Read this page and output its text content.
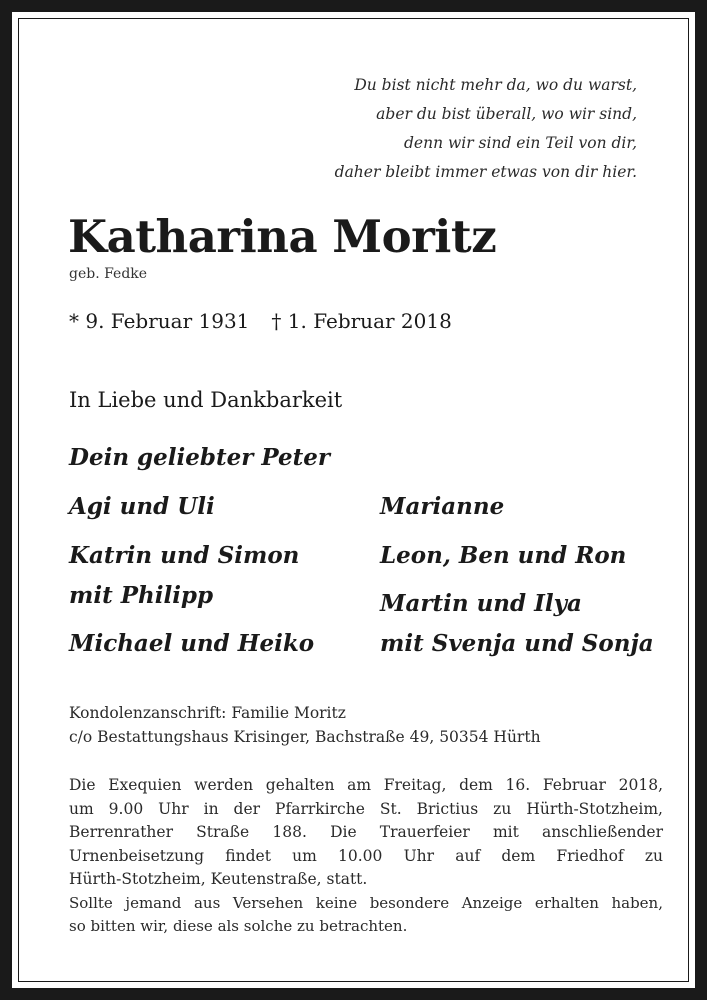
Du bist nicht mehr da, wo du warst,
aber du bist überall, wo wir sind,
denn wir sind ein Teil von dir,
daher bleibt immer etwas von dir hier.
Katharina Moritz
geb. Fedke
* 9. Februar 1931 † 1. Februar 2018
In Liebe und Dankbarkeit
Dein geliebter Peter
Agi und Uli
Katrin und Simon
mit Philipp
Michael und Heiko
Marianne
Leon, Ben und Ron
Martin und Ilya
mit Svenja und Sonja
Kondolenzanschrift: Familie Moritz
c/o Bestattungshaus Krisinger, Bachstraße 49, 50354 Hürth
Die Exequien werden gehalten am Freitag, dem 16. Februar 2018,
um 9.00 Uhr in der Pfarrkirche St. Brictius zu Hürth-Stotzheim,
Berrenrather Straße 188. Die Trauerfeier mit anschließender
Urnenbeisetzung findet um 10.00 Uhr auf dem Friedhof zu
Hürth-Stotzheim, Keutenstraße, statt.
Sollte jemand aus Versehen keine besondere Anzeige erhalten haben,
so bitten wir, diese als solche zu betrachten.
